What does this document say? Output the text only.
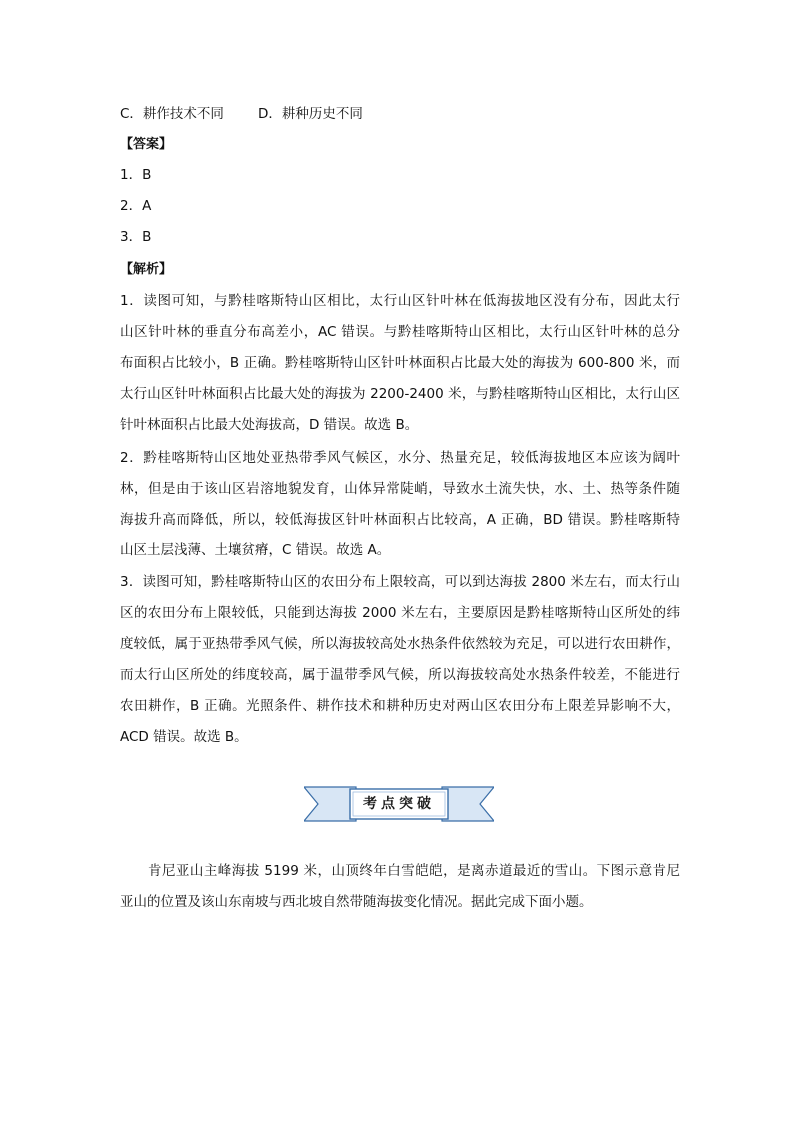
C．耕作技术不同	D．耕种历史不同
【答案】
1．B
2．A
3．B
【解析】
1．读图可知，与黔桂喀斯特山区相比，太行山区针叶林在低海拔地区没有分布，因此太行
山区针叶林的垂直分布高差小，AC 错误。与黔桂喀斯特山区相比，太行山区针叶林的总分
布面积占比较小，B 正确。黔桂喀斯特山区针叶林面积占比最大处的海拔为 600-800 米，而
太行山区针叶林面积占比最大处的海拔为 2200-2400 米，与黔桂喀斯特山区相比，太行山区
针叶林面积占比最大处海拔高，D 错误。故选 B。
2．黔桂喀斯特山区地处亚热带季风气候区，水分、热量充足，较低海拔地区本应该为阔叶
林，但是由于该山区岩溶地貌发育，山体异常陡峭，导致水土流失快，水、土、热等条件随
海拔升高而降低，所以，较低海拔区针叶林面积占比较高，A 正确，BD 错误。黔桂喀斯特
山区土层浅薄、土壤贫瘠，C 错误。故选 A。
3．读图可知，黔桂喀斯特山区的农田分布上限较高，可以到达海拔 2800 米左右，而太行山
区的农田分布上限较低，只能到达海拔 2000 米左右，主要原因是黔桂喀斯特山区所处的纬
度较低，属于亚热带季风气候，所以海拔较高处水热条件依然较为充足，可以进行农田耕作，
而太行山区所处的纬度较高，属于温带季风气候，所以海拔较高处水热条件较差，不能进行
农田耕作，B 正确。光照条件、耕作技术和耕种历史对两山区农田分布上限差异影响不大，
ACD 错误。故选 B。
考点突破
肯尼亚山主峰海拔 5199 米，山顶终年白雪皑皑，是离赤道最近的雪山。下图示意肯尼
亚山的位置及该山东南坡与西北坡自然带随海拔变化情况。据此完成下面小题。
